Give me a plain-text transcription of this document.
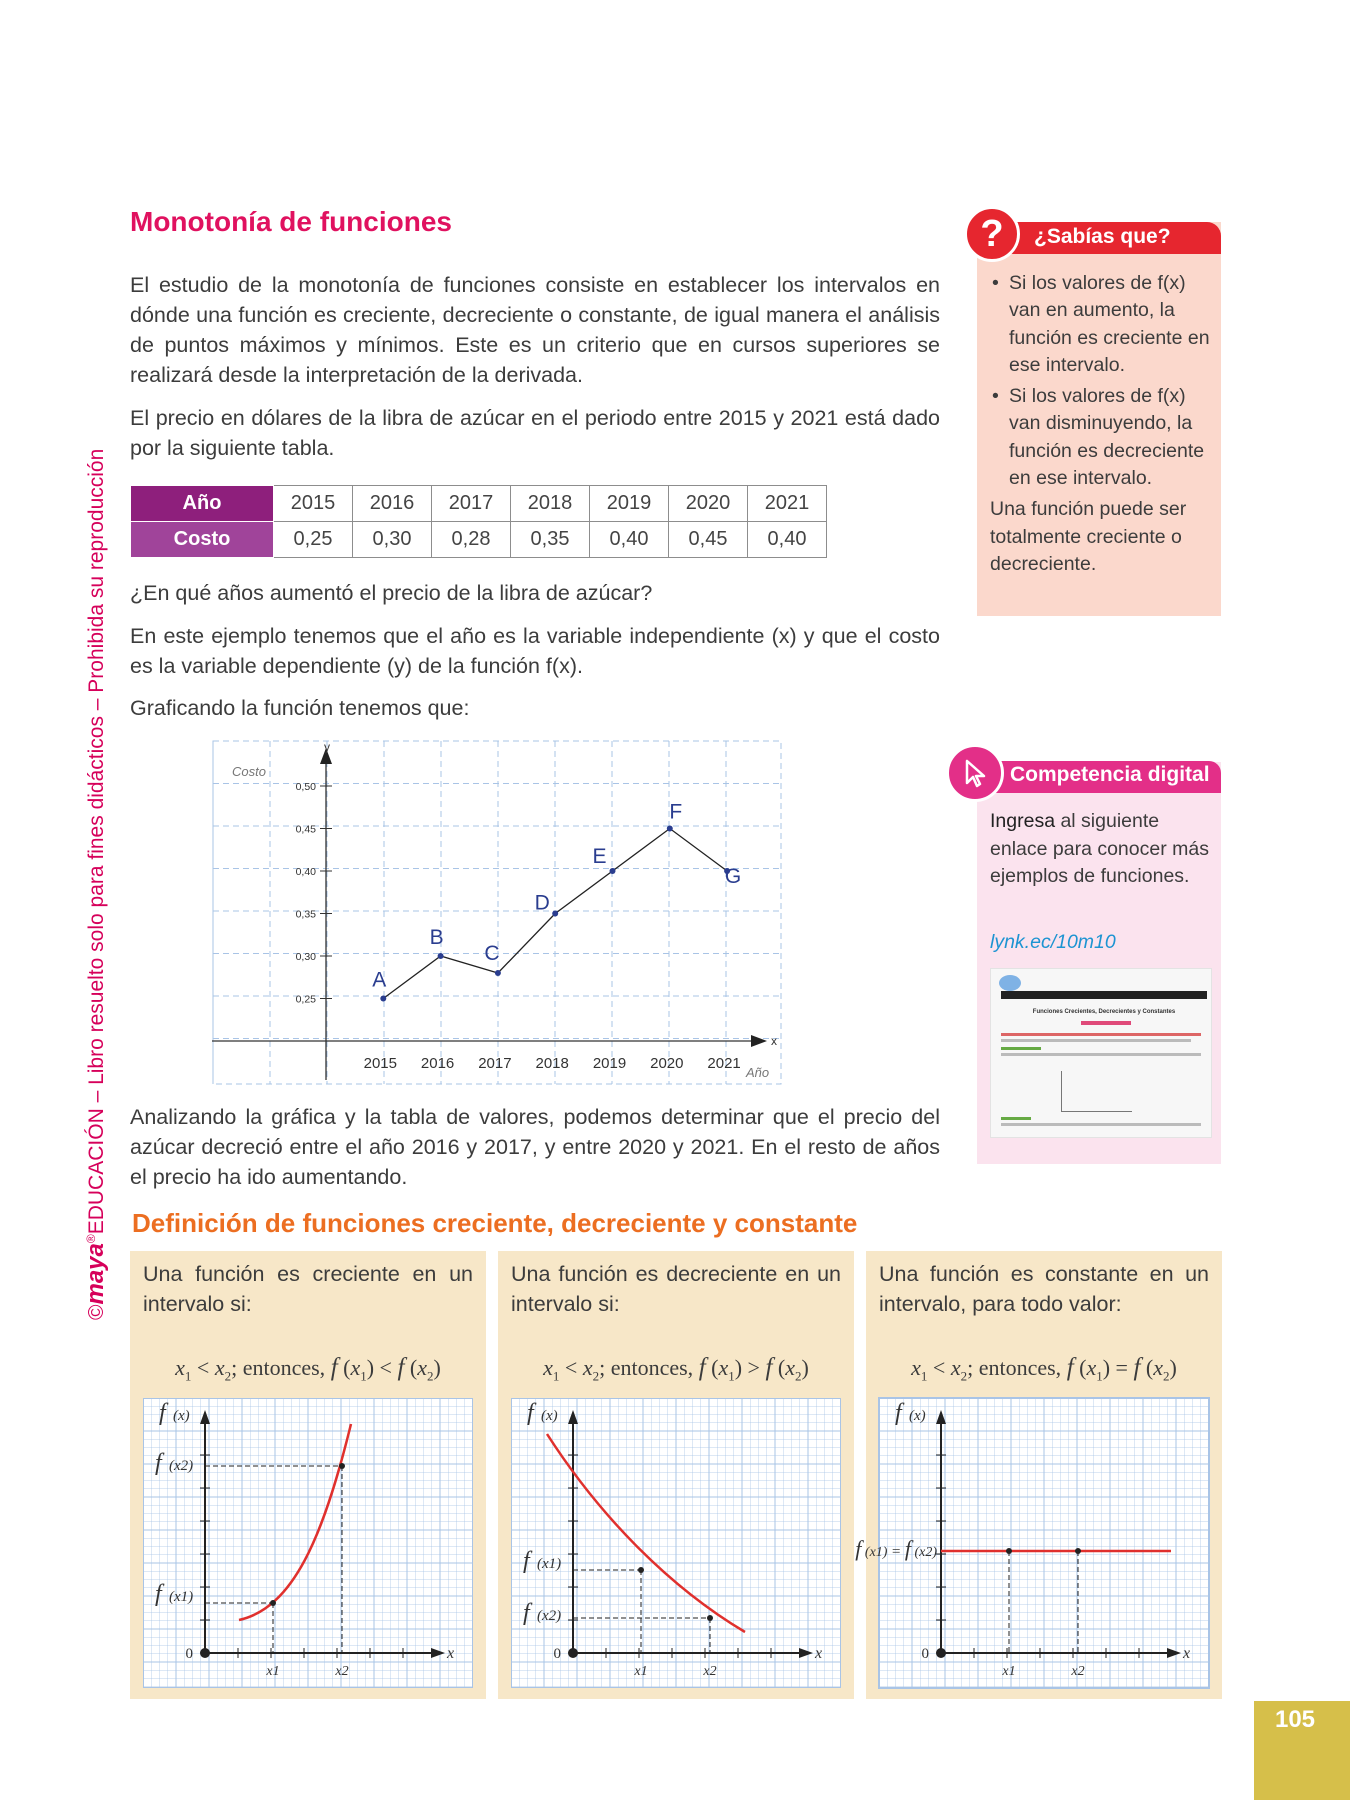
©maya®EDUCACIÓN – Libro resuelto solo para fines didácticos – Prohibida su reproducción
Monotonía de funciones
El estudio de la monotonía de funciones consiste en establecer los intervalos en dónde una función es creciente, decreciente o constante, de igual manera el análisis de puntos máximos y mínimos. Este es un criterio que en cursos superiores se realizará desde la interpretación de la derivada.
El precio en dólares de la libra de azúcar en el periodo entre 2015 y 2021 está dado por la siguiente tabla.
Año	2015	2016	2017	2018	2019	2020	2021
Costo	0,25	0,30	0,28	0,35	0,40	0,45	0,40
¿En qué años aumentó el precio de la libra de azúcar?
En este ejemplo tenemos que el año es la variable independiente (x) y que el costo es la variable dependiente (y) de la función f(x).
Graficando la función tenemos que:
0,25
0,30
0,35
0,40
0,45
0,50
2015 2016 2017 2018 2019 2020 2021
A
B
C
D
E
F
G
Costo
Año
y
x
Analizando la gráfica y la tabla de valores, podemos determinar que el precio del azúcar decreció entre el año 2016 y 2017, y entre 2020 y 2021. En el resto de años el precio ha ido aumentando.
?	¿Sabías que?
• Si los valores de f(x) van en aumento, la función es creciente en ese intervalo.
• Si los valores de f(x) van disminuyendo, la función es decreciente en ese intervalo.
Una función puede ser totalmente creciente o decreciente.
Competencia digital
Ingresa al siguiente enlace para conocer más ejemplos de funciones.
lynk.ec/10m10
Funciones Crecientes, Decrecientes y Constantes
Definición de funciones creciente, decreciente y constante
Una función es creciente en un intervalo si:
Una función es decreciente en un intervalo si:
Una función es constante en un intervalo, para todo valor:
$x_1 < x_2$; entonces, f $(x_1) < f$ $(x_2)$	$x_1 < x_2$; entonces, f $(x_1) > f$ $(x_2)$	$x_1 < x_2$; entonces, f $(x_1) = f$ $(x_2)$
0	x
f (x)
f (x1)
f (x2)
x1	x2
0	x
f (x)
f (x1)
f (x2)
x1	x2
0	x
f (x)
x1	x2
f (x1) = f (x2)
105
